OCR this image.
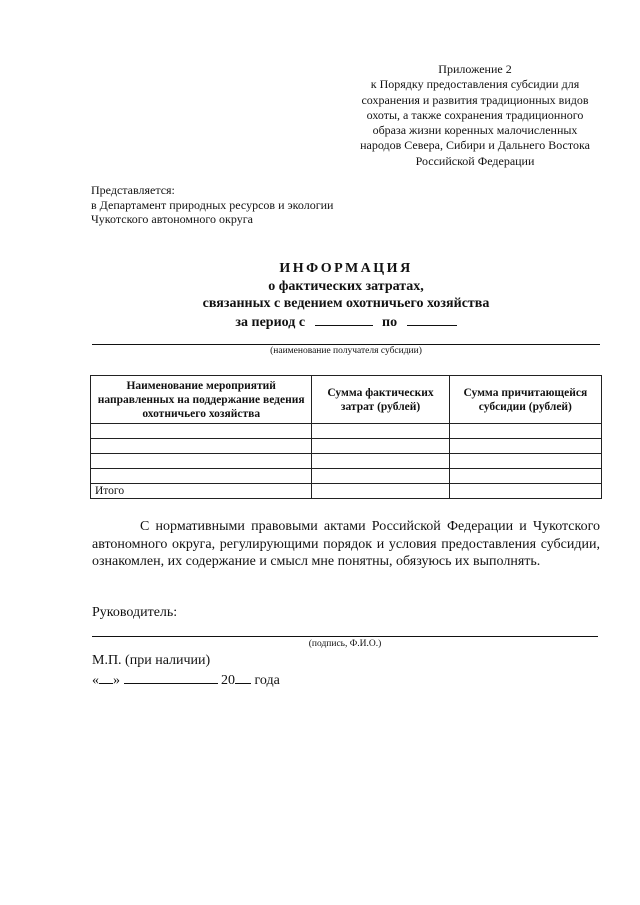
Приложение 2
к Порядку предоставления субсидии для
сохранения и развития традиционных видов
охоты, а также сохранения традиционного
образа жизни коренных малочисленных
народов Севера, Сибири и Дальнего Востока
Российской Федерации
Представляется:
в Департамент природных ресурсов и экологии
Чукотского автономного округа
ИНФОРМАЦИЯ
о фактических затратах,
связанных с ведением охотничьего хозяйства
за период с	по
(наименование получателя субсидии)
Наименование мероприятий направленных на поддержание ведения охотничьего хозяйства	Сумма фактических затрат (рублей)	Сумма причитающейся субсидии (рублей)

Итого		

С нормативными правовыми актами Российской Федерации и Чукотского автономного округа, регулирующими порядок и условия предоставления субсидии, ознакомлен, их содержание и смысл мне понятны, обязуюсь их выполнять.

Руководитель:
(подпись, Ф.И.О.)
М.П. (при наличии)
« »	20 года
